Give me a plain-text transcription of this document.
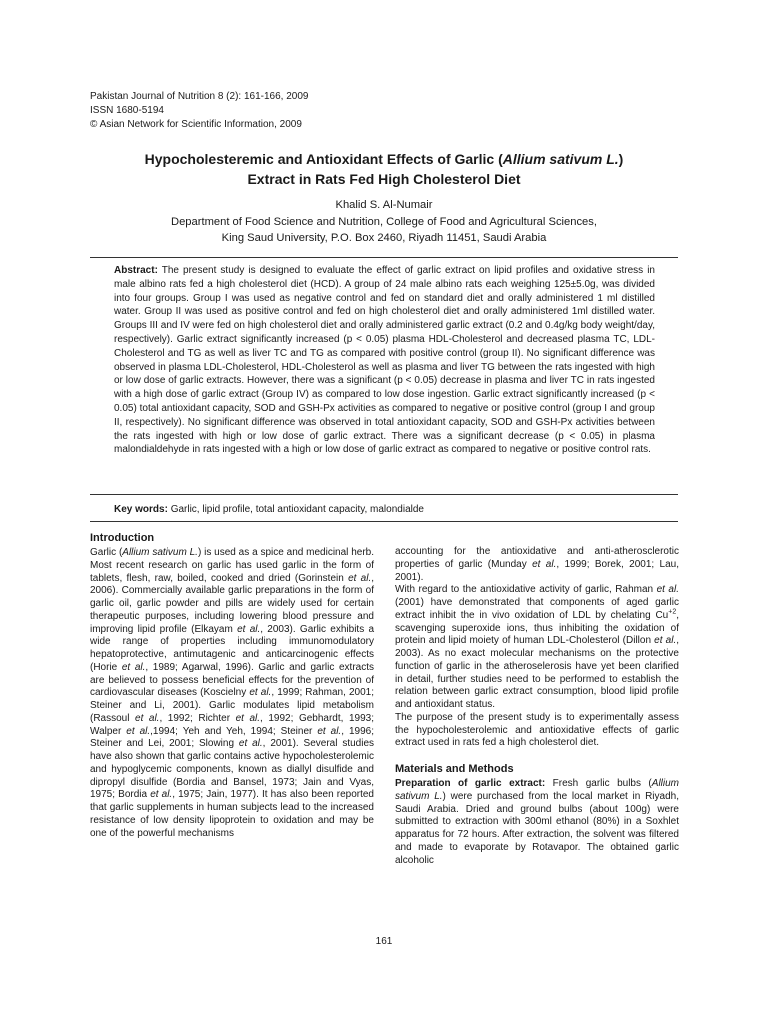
Pakistan Journal of Nutrition 8 (2): 161-166, 2009
ISSN 1680-5194
© Asian Network for Scientific Information, 2009
Hypocholesteremic and Antioxidant Effects of Garlic (Allium sativum L.)
Extract in Rats Fed High Cholesterol Diet
Khalid S. Al-Numair
Department of Food Science and Nutrition, College of Food and Agricultural Sciences,
King Saud University, P.O. Box 2460, Riyadh 11451, Saudi Arabia
Abstract: The present study is designed to evaluate the effect of garlic extract on lipid profiles and oxidative stress in male albino rats fed a high cholesterol diet (HCD). A group of 24 male albino rats each weighing 125±5.0g, was divided into four groups. Group I was used as negative control and fed on standard diet and orally administered 1 ml distilled water. Group II was used as positive control and fed on high cholesterol diet and orally administered 1ml distilled water. Groups III and IV were fed on high cholesterol diet and orally administered garlic extract (0.2 and 0.4g/kg body weight/day, respectively). Garlic extract significantly increased (p < 0.05) plasma HDL-Cholesterol and decreased plasma TC, LDL-Cholesterol and TG as well as liver TC and TG as compared with positive control (group II). No significant difference was observed in plasma LDL-Cholesterol, HDL-Cholesterol as well as plasma and liver TG between the rats ingested with high or low dose of garlic extracts. However, there was a significant (p < 0.05) decrease in plasma and liver TC in rats ingested with a high dose of garlic extract (Group IV) as compared to low dose ingestion. Garlic extract significantly increased (p < 0.05) total antioxidant capacity, SOD and GSH-Px activities as compared to negative or positive control (group I and group II, respectively). No significant difference was observed in total antioxidant capacity, SOD and GSH-Px activities between the rats ingested with high or low dose of garlic extract. There was a significant decrease (p < 0.05) in plasma malondialdehyde in rats ingested with a high or low dose of garlic extract as compared to negative or positive control rats.
Key words: Garlic, lipid profile, total antioxidant capacity, malondialde
Introduction

Garlic (Allium sativum L.) is used as a spice and medicinal herb. Most recent research on garlic has used garlic in the form of tablets, flesh, raw, boiled, cooked and dried (Gorinstein et al., 2006). Commercially available garlic preparations in the form of garlic oil, garlic powder and pills are widely used for certain therapeutic purposes, including lowering blood pressure and improving lipid profile (Elkayam et al., 2003). Garlic exhibits a wide range of properties including immunomodulatory hepatoprotective, antimutagenic and anticarcinogenic effects (Horie et al., 1989; Agarwal, 1996). Garlic and garlic extracts are believed to possess beneficial effects for the prevention of cardiovascular diseases (Koscielny et al., 1999; Rahman, 2001; Steiner and Li, 2001). Garlic modulates lipid metabolism (Rassoul et al., 1992; Richter et al., 1992; Gebhardt, 1993; Walper et al.,1994; Yeh and Yeh, 1994; Steiner et al., 1996; Steiner and Lei, 2001; Slowing et al., 2001). Several studies have also shown that garlic contains active hypocholesterolemic and hypoglycemic components, known as diallyl disulfide and dipropyl disulfide (Bordia and Bansel, 1973; Jain and Vyas, 1975; Bordia et al., 1975; Jain, 1977). It has also been reported that garlic supplements in human subjects lead to the increased resistance of low density lipoprotein to oxidation and may be one of the powerful mechanisms

accounting for the antioxidative and anti-atherosclerotic properties of garlic (Munday et al., 1999; Borek, 2001; Lau, 2001).

With regard to the antioxidative activity of garlic, Rahman et al. (2001) have demonstrated that components of aged garlic extract inhibit the in vivo oxidation of LDL by chelating $Cu^{+2}$, scavenging superoxide ions, thus inhibiting the oxidation of protein and lipid moiety of human LDL-Cholesterol (Dillon et al., 2003). As no exact molecular mechanisms on the protective function of garlic in the atheroselerosis have yet been clarified in detail, further studies need to be performed to establish the relation between garlic extract consumption, blood lipid profile and antioxidant status.

The purpose of the present study is to experimentally assess the hypocholesterolemic and antioxidative effects of garlic extract used in rats fed a high cholesterol diet.

Materials and Methods

Preparation of garlic extract: Fresh garlic bulbs (Allium sativum L.) were purchased from the local market in Riyadh, Saudi Arabia. Dried and ground bulbs (about 100g) were submitted to extraction with 300ml ethanol (80%) in a Soxhlet apparatus for 72 hours. After extraction, the solvent was filtered and made to evaporate by Rotavapor. The obtained garlic alcoholic

161
